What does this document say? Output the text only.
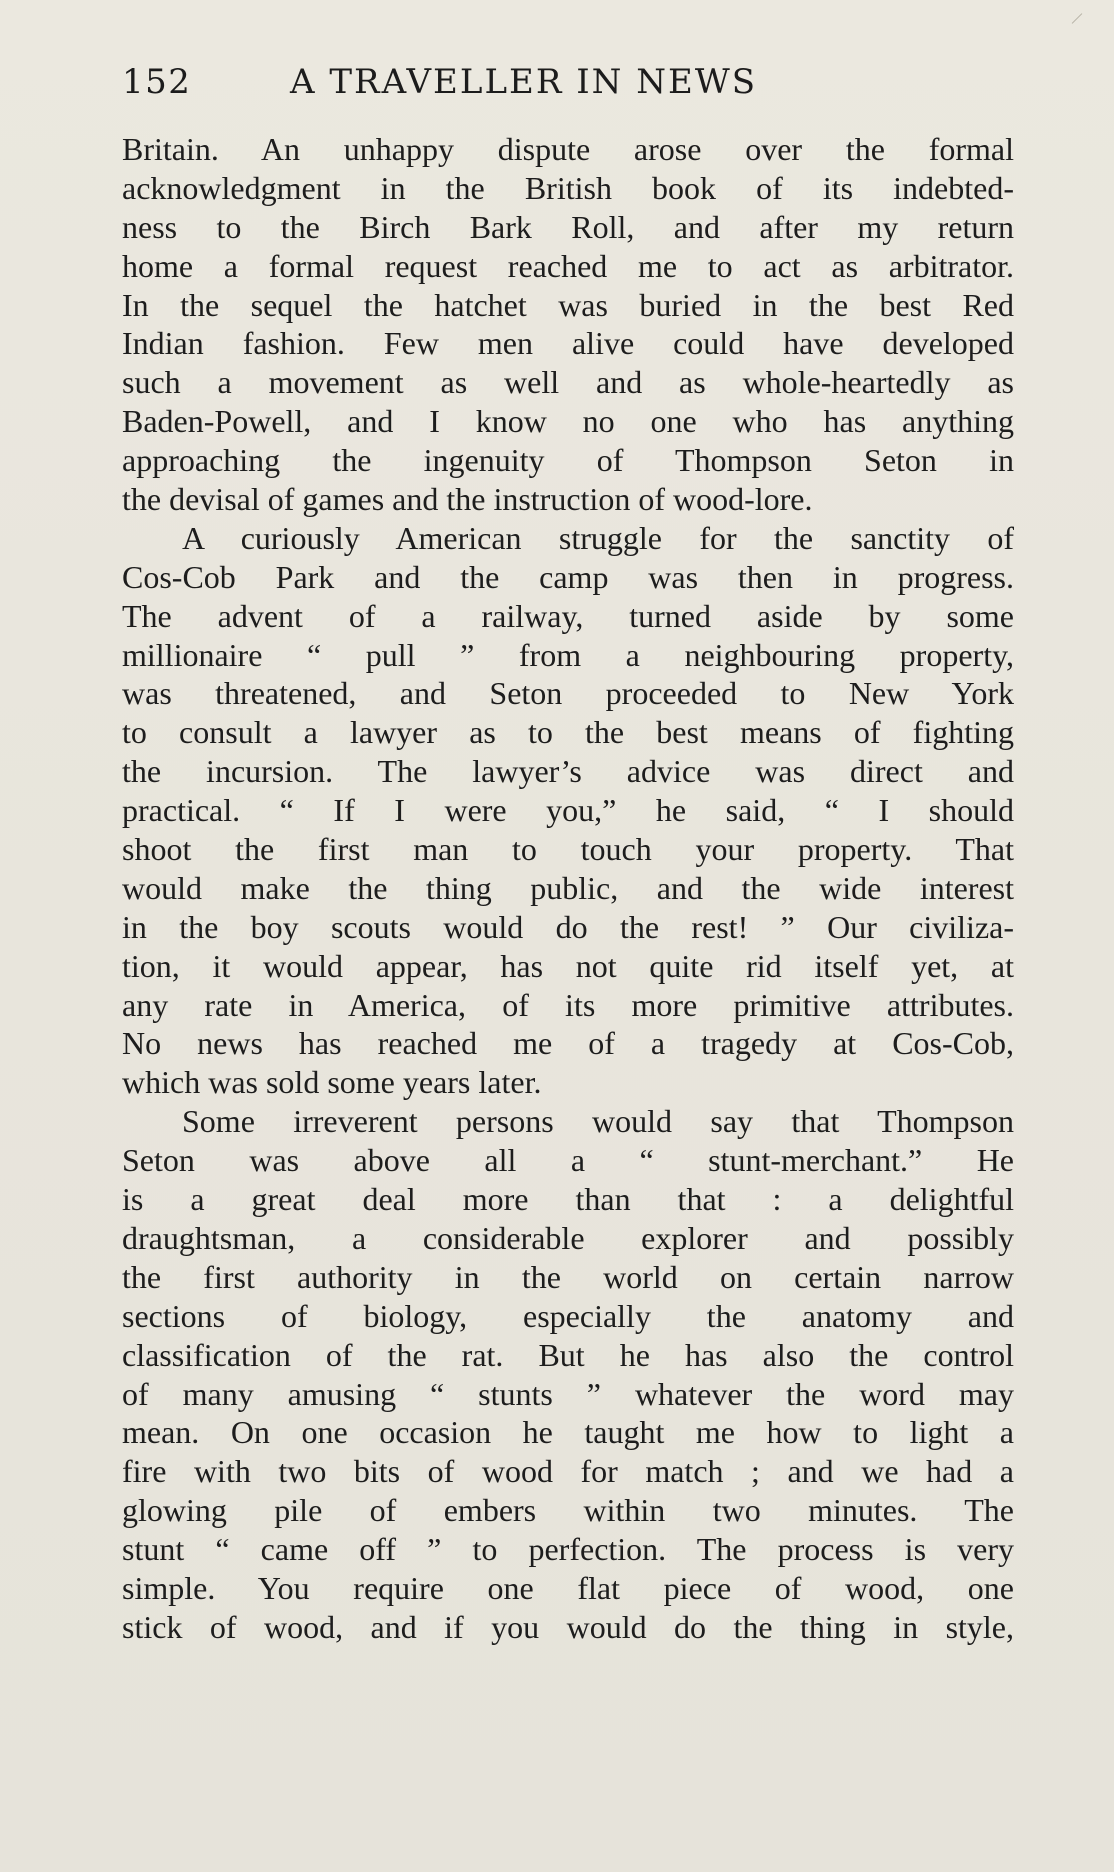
152	A TRAVELLER IN NEWS
Britain. An unhappy dispute arose over the formal
acknowledgment in the British book of its indebted-
ness to the Birch Bark Roll, and after my return
home a formal request reached me to act as arbitrator.
In the sequel the hatchet was buried in the best Red
Indian fashion. Few men alive could have developed
such a movement as well and as whole-heartedly as
Baden-Powell, and I know no one who has anything
approaching the ingenuity of Thompson Seton in
the devisal of games and the instruction of wood-lore.
A curiously American struggle for the sanctity of
Cos-Cob Park and the camp was then in progress.
The advent of a railway, turned aside by some
millionaire “ pull ” from a neighbouring property,
was threatened, and Seton proceeded to New York
to consult a lawyer as to the best means of fighting
the incursion. The lawyer’s advice was direct and
practical. “ If I were you,” he said, “ I should
shoot the first man to touch your property. That
would make the thing public, and the wide interest
in the boy scouts would do the rest! ” Our civiliza-
tion, it would appear, has not quite rid itself yet, at
any rate in America, of its more primitive attributes.
No news has reached me of a tragedy at Cos-Cob,
which was sold some years later.
Some irreverent persons would say that Thompson
Seton was above all a “ stunt-merchant.” He
is a great deal more than that : a delightful
draughtsman, a considerable explorer and possibly
the first authority in the world on certain narrow
sections of biology, especially the anatomy and
classification of the rat. But he has also the control
of many amusing “ stunts ” whatever the word may
mean. On one occasion he taught me how to light a
fire with two bits of wood for match ; and we had a
glowing pile of embers within two minutes. The
stunt “ came off ” to perfection. The process is very
simple. You require one flat piece of wood, one
stick of wood, and if you would do the thing in style,
